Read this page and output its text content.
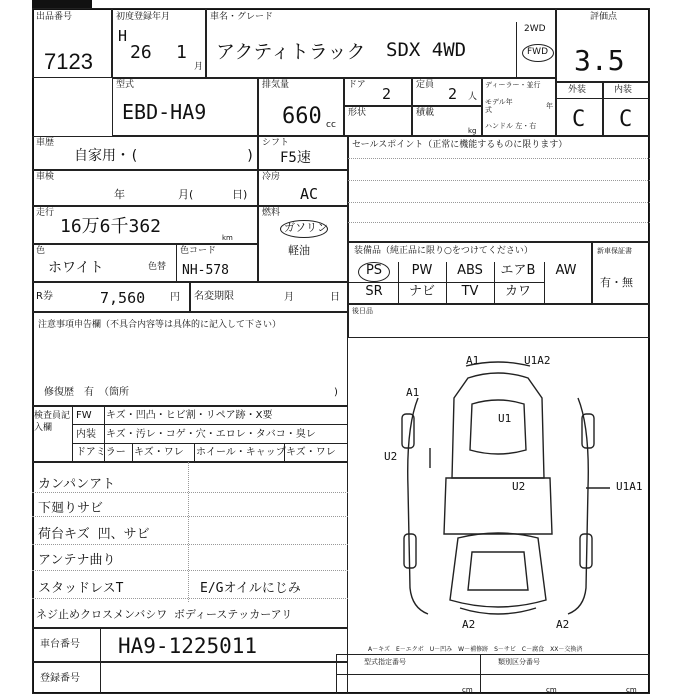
出品番号
7123
初度登録年月
H
26 1
月
車名・グレード
アクティトラック SDX 4WD
2WD
FWD
評価点
3.5
型式
EBD-HA9
排気量
660 cc
ドア 2	定員 2 人
形状	積載
kg
ディーラー・並行
モデル年式	年
ハンドル 左・右
外装
C
内装
C
車歴
自家用・(	)
シフト
F5速
車検
年	月(	日)
冷房
AC
走行
16万6千362
km
燃料
ガソリン
軽油
色
ホワイト	色替
色コード
NH-578
R券	7,560 円 名変期限	月	日
セールスポイント（正常に機能するものに限ります）
装備品（純正品に限り○をつけてください）	新車保証書
有・無
PS	PW	ABS	エアB	AW
SR	ナビ	TV	カワ
後日品
注意事項申告欄（不具合内容等は具体的に記入して下さい）
修復歴　有　（箇所	)
検査員記入欄
FW キズ・凹凸・ヒビ割・リペア跡・X要
内装 キズ・汚レ・コゲ・穴・エロレ・タバコ・臭レ
ドアミラー キズ・ワレ ホイール・キャップ キズ・ワレ
カンパンアト
下廻りサビ
荷台キズ 凹、サビ
アンテナ曲り
スタッドレスT	E/Gオイルにじみ
ネジ止めクロスメンバシワ ボディーステッカーアリ
A1	U1A2
A1
U1
U2
U2	U1A1
A2	A2
A－キズ　E－エクボ　U－凹み　W－補修跡　S－サビ　C－腐食　XX－交換済
車台番号 HA9-1225011
登録番号
型式指定番号	類別区分番号
cm	cm	cm
